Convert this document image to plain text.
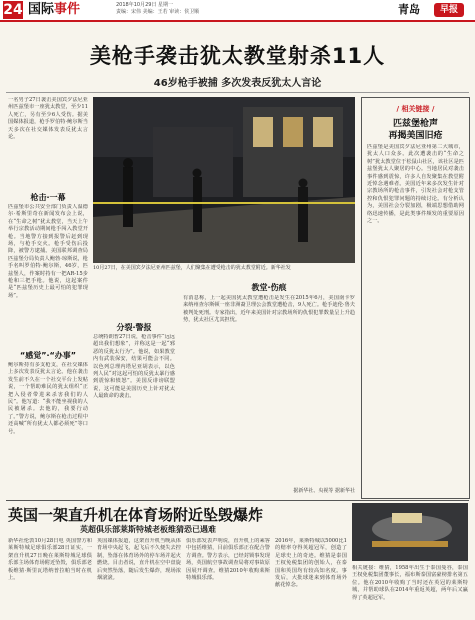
24 国际事件	2018年10月29日 星期一
责编：宋伟 美编：王若 审读：侯卫顺	青岛	早报
美枪手袭击犹太教堂射杀11人
46岁枪手被捕 多次发表反犹太人言论
一名男子27日袭击美国宾夕法尼亚州匹兹堡市一座犹太教堂，至少11人死亡，另有至少6人受伤。据美国媒体报道，枪手罗伯特·鲍尔斯当天多次在社交媒体发表反犹太言论。
枪击·一幕
匹兹堡市公共安全部门负责人温德尔·希斯里奇在新闻发布会上说，在“生命之树”犹太教堂，当天上午举行宗教活动期间枪手闯入教堂开枪。当地警方接到报警后赶到现场，与枪手交火。枪手受伤后投降，被警方逮捕。美国联邦调查局匹兹堡分局负责人鲍勃·琼斯说，枪手名叫罗伯特·鲍尔斯，46岁，匹兹堡人，作案时持有一把AR-15步枪和三把手枪。他说，这起案件是“匹兹堡历史上最可怕的犯罪现场”。
“感觉”·“办事”
鲍尔斯持有多支枪支，在社交媒体上多次发表反犹太言论。他在袭击发生前不久在一个社交平台上发帖说，一个帮助难民的犹太组织“正把入侵者带进来杀害我们的人民”。他写道：“我不能坐视我的人民被屠杀。去他的，我要行动了。”警方说，鲍尔斯在枪击过程中还高喊“所有犹太人都必须死”等口号。
10月27日，在美国宾夕法尼亚州匹兹堡，人们聚集在遭受枪击的犹太教堂附近。新华社发
分裂·警报
总统特朗普27日说，枪击事件“远远超出我们想象”，并称这是一起“邪恶的反犹太行为”。他说，如果教堂内有武装保安，结果可能会不同。以色列总理内塔尼亚胡表示，以色列人民“对这起可怕的反犹太暴行感到震惊和愤怒”。美国反诽谤联盟说，这可能是美国历史上针对犹太人最致命的袭击。
教堂·伤痕
有消息称，上一起美国犹太教堂遭枪击是发生在2015年6月，美国南卡罗来纳州查尔斯顿一座非洲裔卫理公会教堂遭枪击，9人死亡。枪手迪伦·鲁夫被判处死刑。专家指出，近年来美国针对宗教场所的仇恨犯罪数量呈上升趋势，犹太社区尤其担忧。
据新华社、央视等 据新华社
/ 相关链接 /
匹兹堡枪声
再揭美国旧疮
匹兹堡是美国宾夕法尼亚州第二大城市，犹太人口众多。此次遭袭击的“生命之树”犹太教堂位于松鼠山社区，该社区是匹兹堡犹太人聚居的中心。当地居民对袭击事件感到震惊，许多人自发聚集在教堂附近悼念遇难者。美国近年来多次发生针对宗教场所的枪击事件，引发社会对枪支管控和仇恨犯罪问题的持续讨论。有分析认为，美国社会分裂加剧，极端思想借助网络迅速传播，是此类事件频发的重要原因之一。
英国一架直升机在体育场附近坠毁爆炸
英超俱乐部莱斯特城老板维猜恐已遇难
新华社伦敦10月28日电 英国警方和莱斯特城足球俱乐部28日证实，一架直升机27日晚在莱斯特城足球俱乐部主场体育场附近坠毁，俱乐部老板维猜·斯里瓦塔纳普拉帕当时在机上。
英国媒体报道，这架直升机当晚从体育场中央起飞，起飞后不久便失去控制，坠落在体育场外的停车场并起火燃烧。目击者说，直升机在空中盘旋后突然坠落，随后发生爆炸，现场浓烟滚滚。
俱乐部发表声明说，直升机上的乘客中包括维猜，目前俱乐部正在配合警方调查。警方表示，已经封锁事发现场，英国航空事故调查局将对事故原因展开调查。维猜2010年收购莱斯特城俱乐部。
2016年，莱斯特城以5000比1的赔率夺得英超冠军，创造了足球史上的奇迹。维猜是泰国王权免税集团的创始人，在泰国和英国均有较高知名度。事发后，大批球迷来到体育场外献花悼念。
相关链接：维猜，1958年出生于泰国曼谷，泰国王权免税集团董事长，福布斯泰国富豪榜排名第五位。他在2010年收购了当时还在英冠的莱斯特城，并帮助球队在2014年重返英超，两年后又赢得了英超冠军。
